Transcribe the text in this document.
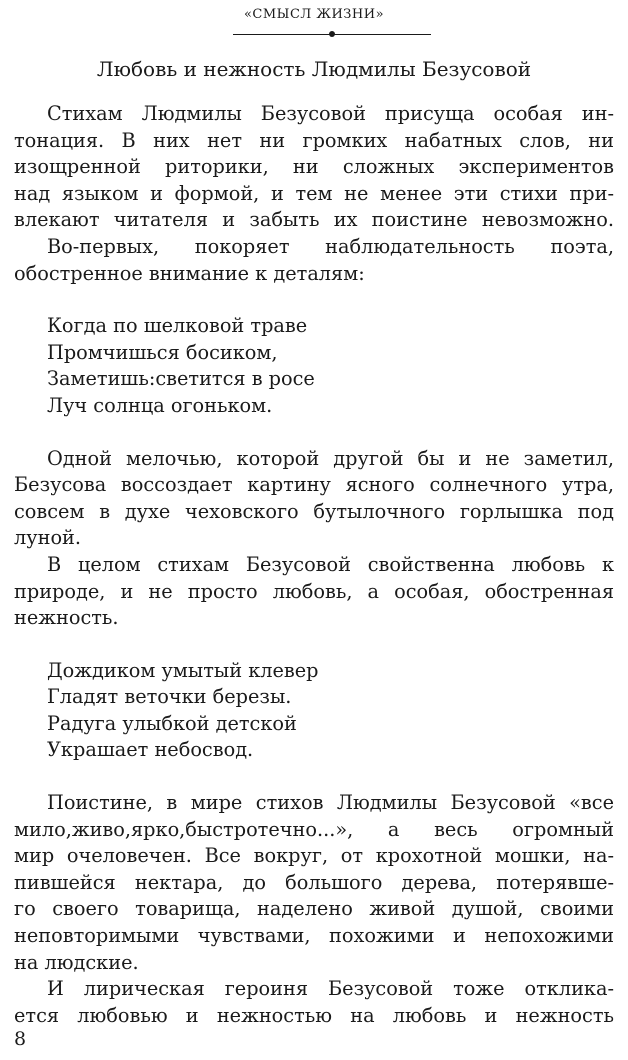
«СМЫСЛ ЖИЗНИ»
Любовь и нежность Людмилы Безусовой

Стихам Людмилы Безусовой присуща особая ин-
тонация. В них нет ни громких набатных слов, ни
изощренной риторики, ни сложных экспериментов
над языком и формой, и тем не менее эти стихи при-
влекают читателя и забыть их поистине невозможно.

Во-первых, покоряет наблюдательность поэта,
обостренное внимание к деталям:

Когда по шелковой траве
Промчишься босиком,
Заметишь:светится в росе
Луч солнца огоньком.

Одной мелочью, которой другой бы и не заметил,
Безусова воссоздает картину ясного солнечного утра,
совсем в духе чеховского бутылочного горлышка под
луной.

В целом стихам Безусовой свойственна любовь к
природе, и не просто любовь, а особая, обостренная
нежность.

Дождиком умытый клевер
Гладят веточки березы.
Радуга улыбкой детской
Украшает небосвод.

Поистине, в мире стихов Людмилы Безусовой «все
мило,живо,ярко,быстротечно...», а весь огромный
мир очеловечен. Все вокруг, от крохотной мошки, на-
пившейся нектара, до большого дерева, потерявше-
го своего товарища, наделено живой душой, своими
неповторимыми чувствами, похожими и непохожими
на людские.

И лирическая героиня Безусовой тоже отклика-
ется любовью и нежностью на любовь и нежность

8
